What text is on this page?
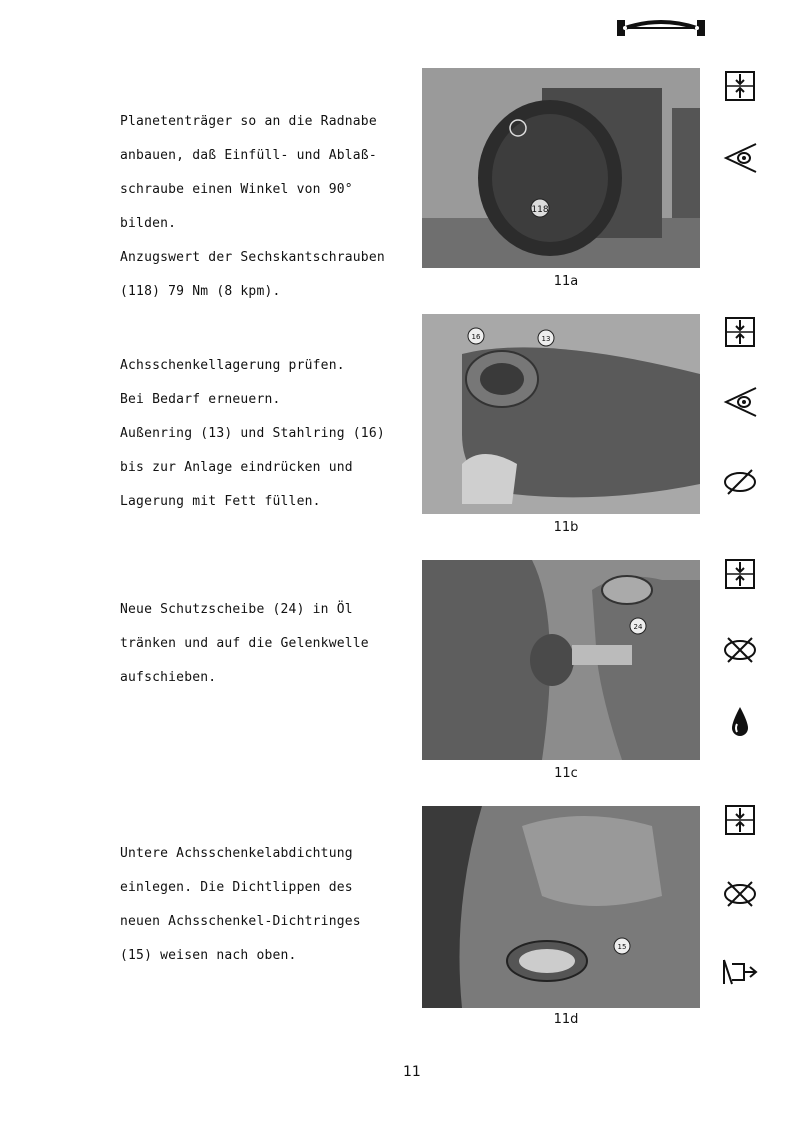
Planetenträger so an die Radnabe

anbauen, daß Einfüll- und Ablaß-

schraube einen Winkel von 90°

bilden.

Anzugswert der Sechskantschrauben

(118) 79 Nm (8 kpm).

118
11a

Achsschenkellagerung prüfen.

Bei Bedarf erneuern.

Außenring (13) und Stahlring (16)

bis zur Anlage eindrücken und

Lagerung mit Fett füllen.

16	13
11b

Neue Schutzscheibe (24) in Öl

tränken und auf die Gelenkwelle

aufschieben.

24
11c

Untere Achsschenkelabdichtung

einlegen. Die Dichtlippen des

neuen Achsschenkel-Dichtringes

(15) weisen nach oben.

15
11d
11
